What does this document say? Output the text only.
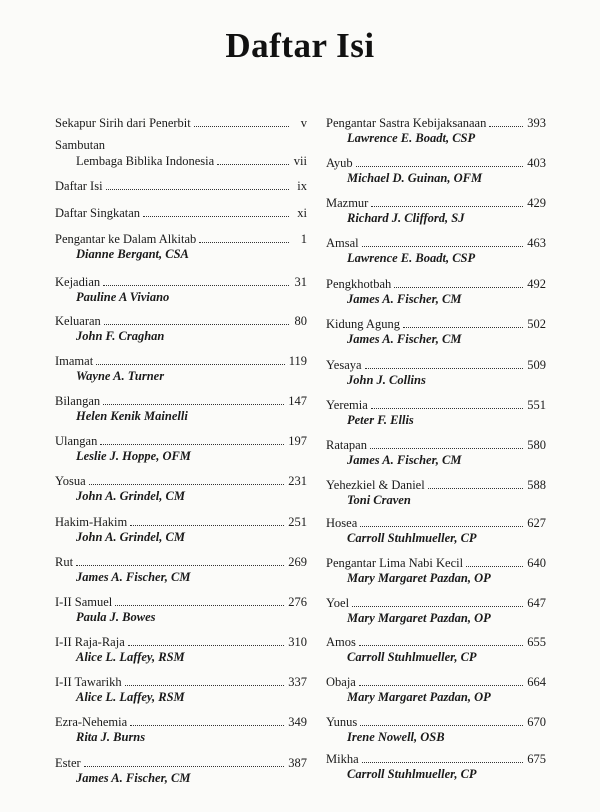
Daftar Isi
Sekapur Sirih dari Penerbit	v
Sambutan
Lembaga Biblika Indonesia	vii
Daftar Isi	ix
Daftar Singkatan	xi
Pengantar ke Dalam Alkitab	1
Dianne Bergant, CSA
Kejadian	31
Pauline A Viviano
Keluaran	80
John F. Craghan
Imamat	119
Wayne A. Turner
Bilangan	147
Helen Kenik Mainelli
Ulangan	197
Leslie J. Hoppe, OFM
Yosua	231
John A. Grindel, CM
Hakim-Hakim	251
John A. Grindel, CM
Rut	269
James A. Fischer, CM
I-II Samuel	276
Paula J. Bowes
I-II Raja-Raja	310
Alice L. Laffey, RSM
I-II Tawarikh	337
Alice L. Laffey, RSM
Ezra-Nehemia	349
Rita J. Burns
Ester	387
James A. Fischer, CM
Pengantar Sastra Kebijaksanaan	393
Lawrence E. Boadt, CSP
Ayub	403
Michael D. Guinan, OFM
Mazmur	429
Richard J. Clifford, SJ
Amsal	463
Lawrence E. Boadt, CSP
Pengkhotbah	492
James A. Fischer, CM
Kidung Agung	502
James A. Fischer, CM
Yesaya	509
John J. Collins
Yeremia	551
Peter F. Ellis
Ratapan	580
James A. Fischer, CM
Yehezkiel & Daniel	588
Toni Craven
Hosea	627
Carroll Stuhlmueller, CP
Pengantar Lima Nabi Kecil	640
Mary Margaret Pazdan, OP
Yoel	647
Mary Margaret Pazdan, OP
Amos	655
Carroll Stuhlmueller, CP
Obaja	664
Mary Margaret Pazdan, OP
Yunus	670
Irene Nowell, OSB
Mikha	675
Carroll Stuhlmueller, CP
